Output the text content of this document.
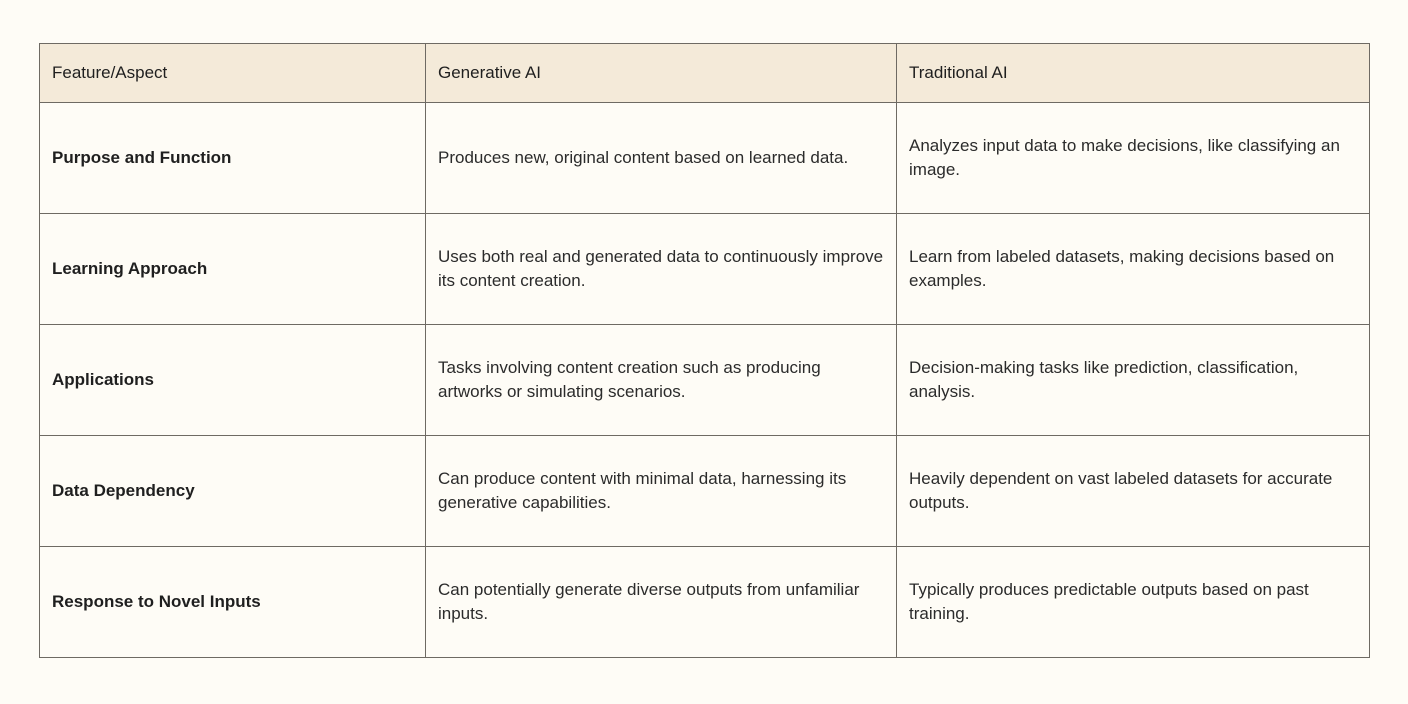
Feature/Aspect	Generative AI	Traditional AI
Purpose and Function	Produces new, original content based on learned data.	Analyzes input data to make decisions, like classifying an image.
Learning Approach	Uses both real and generated data to continuously improve its content creation.	Learn from labeled datasets, making decisions based on examples.
Applications	Tasks involving content creation such as producing artworks or simulating scenarios.	Decision-making tasks like prediction, classification, analysis.
Data Dependency	Can produce content with minimal data, harnessing its generative capabilities.	Heavily dependent on vast labeled datasets for accurate outputs.
Response to Novel Inputs	Can potentially generate diverse outputs from unfamiliar inputs.	Typically produces predictable outputs based on past training.
